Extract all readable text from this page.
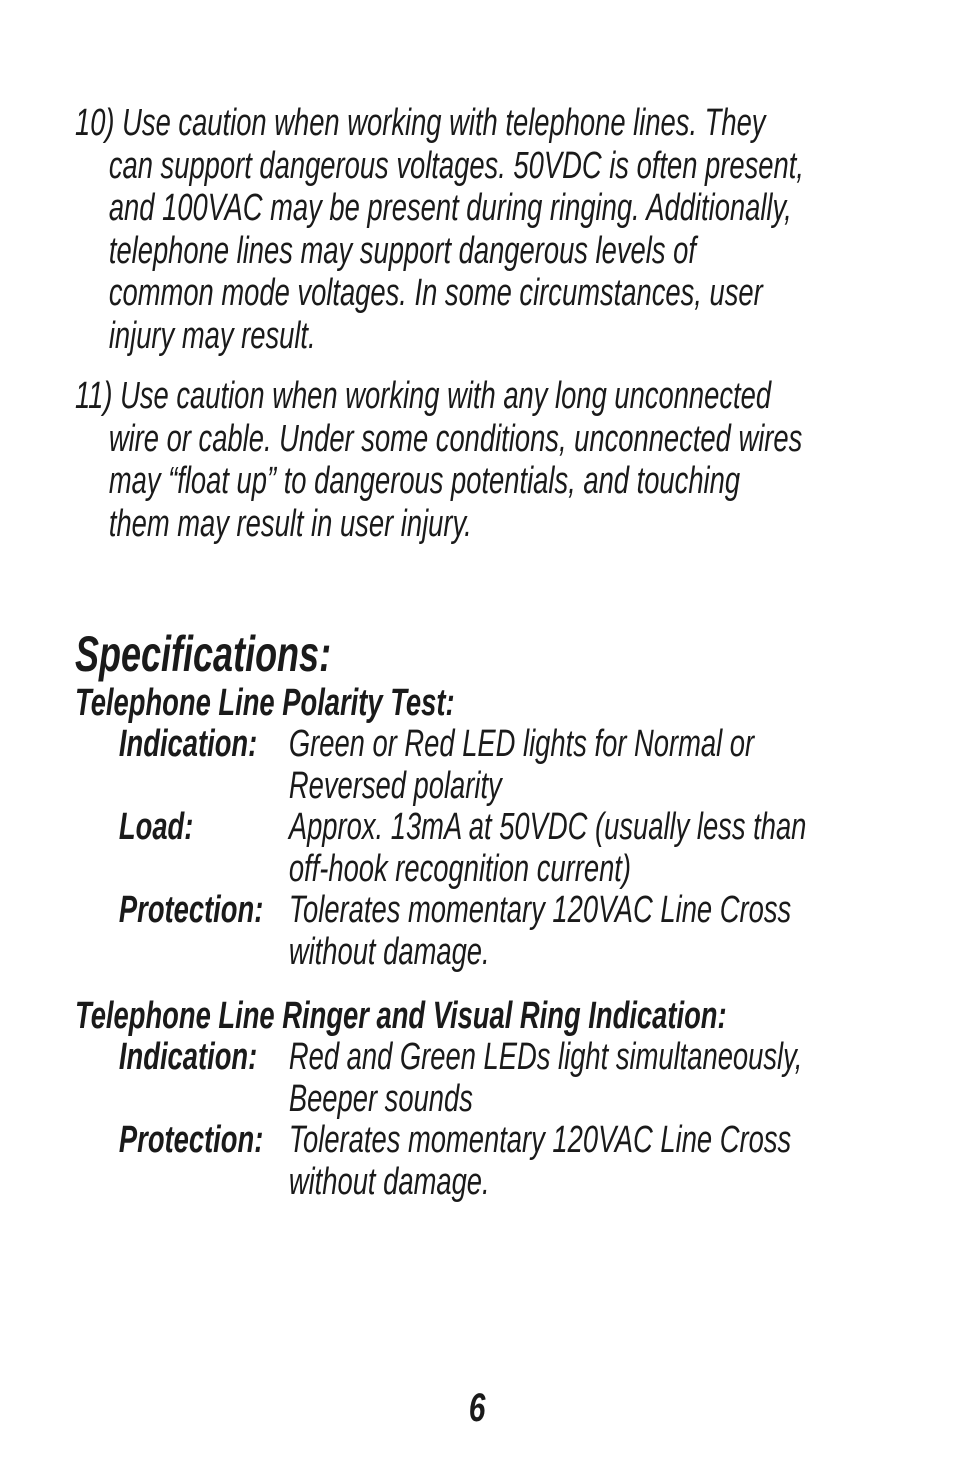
10) Use caution when working with telephone lines. They
can support dangerous voltages. 50VDC is often present,
and 100VAC may be present during ringing. Additionally,
telephone lines may support dangerous levels of
common mode voltages. In some circumstances, user
injury may result.
11) Use caution when working with any long unconnected
wire or cable. Under some conditions, unconnected wires
may “float up” to dangerous potentials, and touching
them may result in user injury.
Specifications:
Telephone Line Polarity Test:
Indication: Green or Red LED lights for Normal or
Reversed polarity
Load:	Approx. 13mA at 50VDC (usually less than
off-hook recognition current)
Protection: Tolerates momentary 120VAC Line Cross
without damage.
Telephone Line Ringer and Visual Ring Indication:
Indication: Red and Green LEDs light simultaneously,
Beeper sounds
Protection: Tolerates momentary 120VAC Line Cross
without damage.
6
